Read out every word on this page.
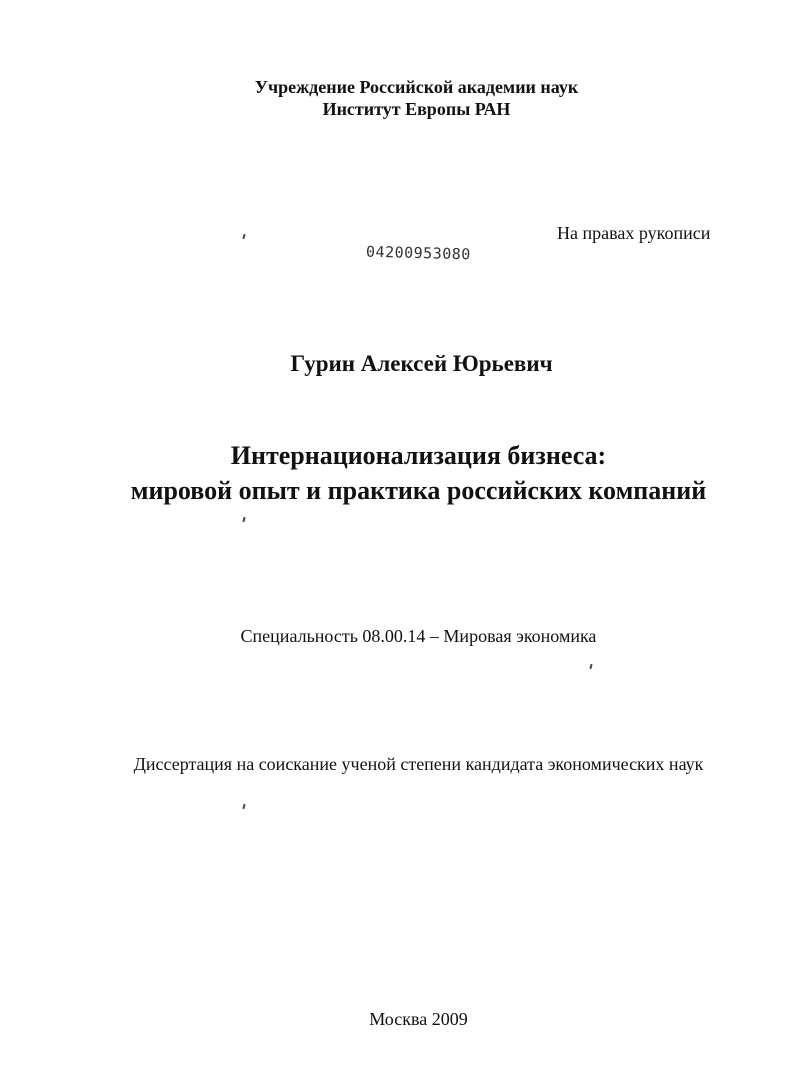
Учреждение Российской академии наук
Институт Европы РАН
На правах рукописи
04200953080
Гурин Алексей Юрьевич
Интернационализация бизнеса:
мировой опыт и практика российских компаний
Специальность 08.00.14 – Мировая экономика
Диссертация на соискание ученой степени кандидата экономических наук
Москва 2009
